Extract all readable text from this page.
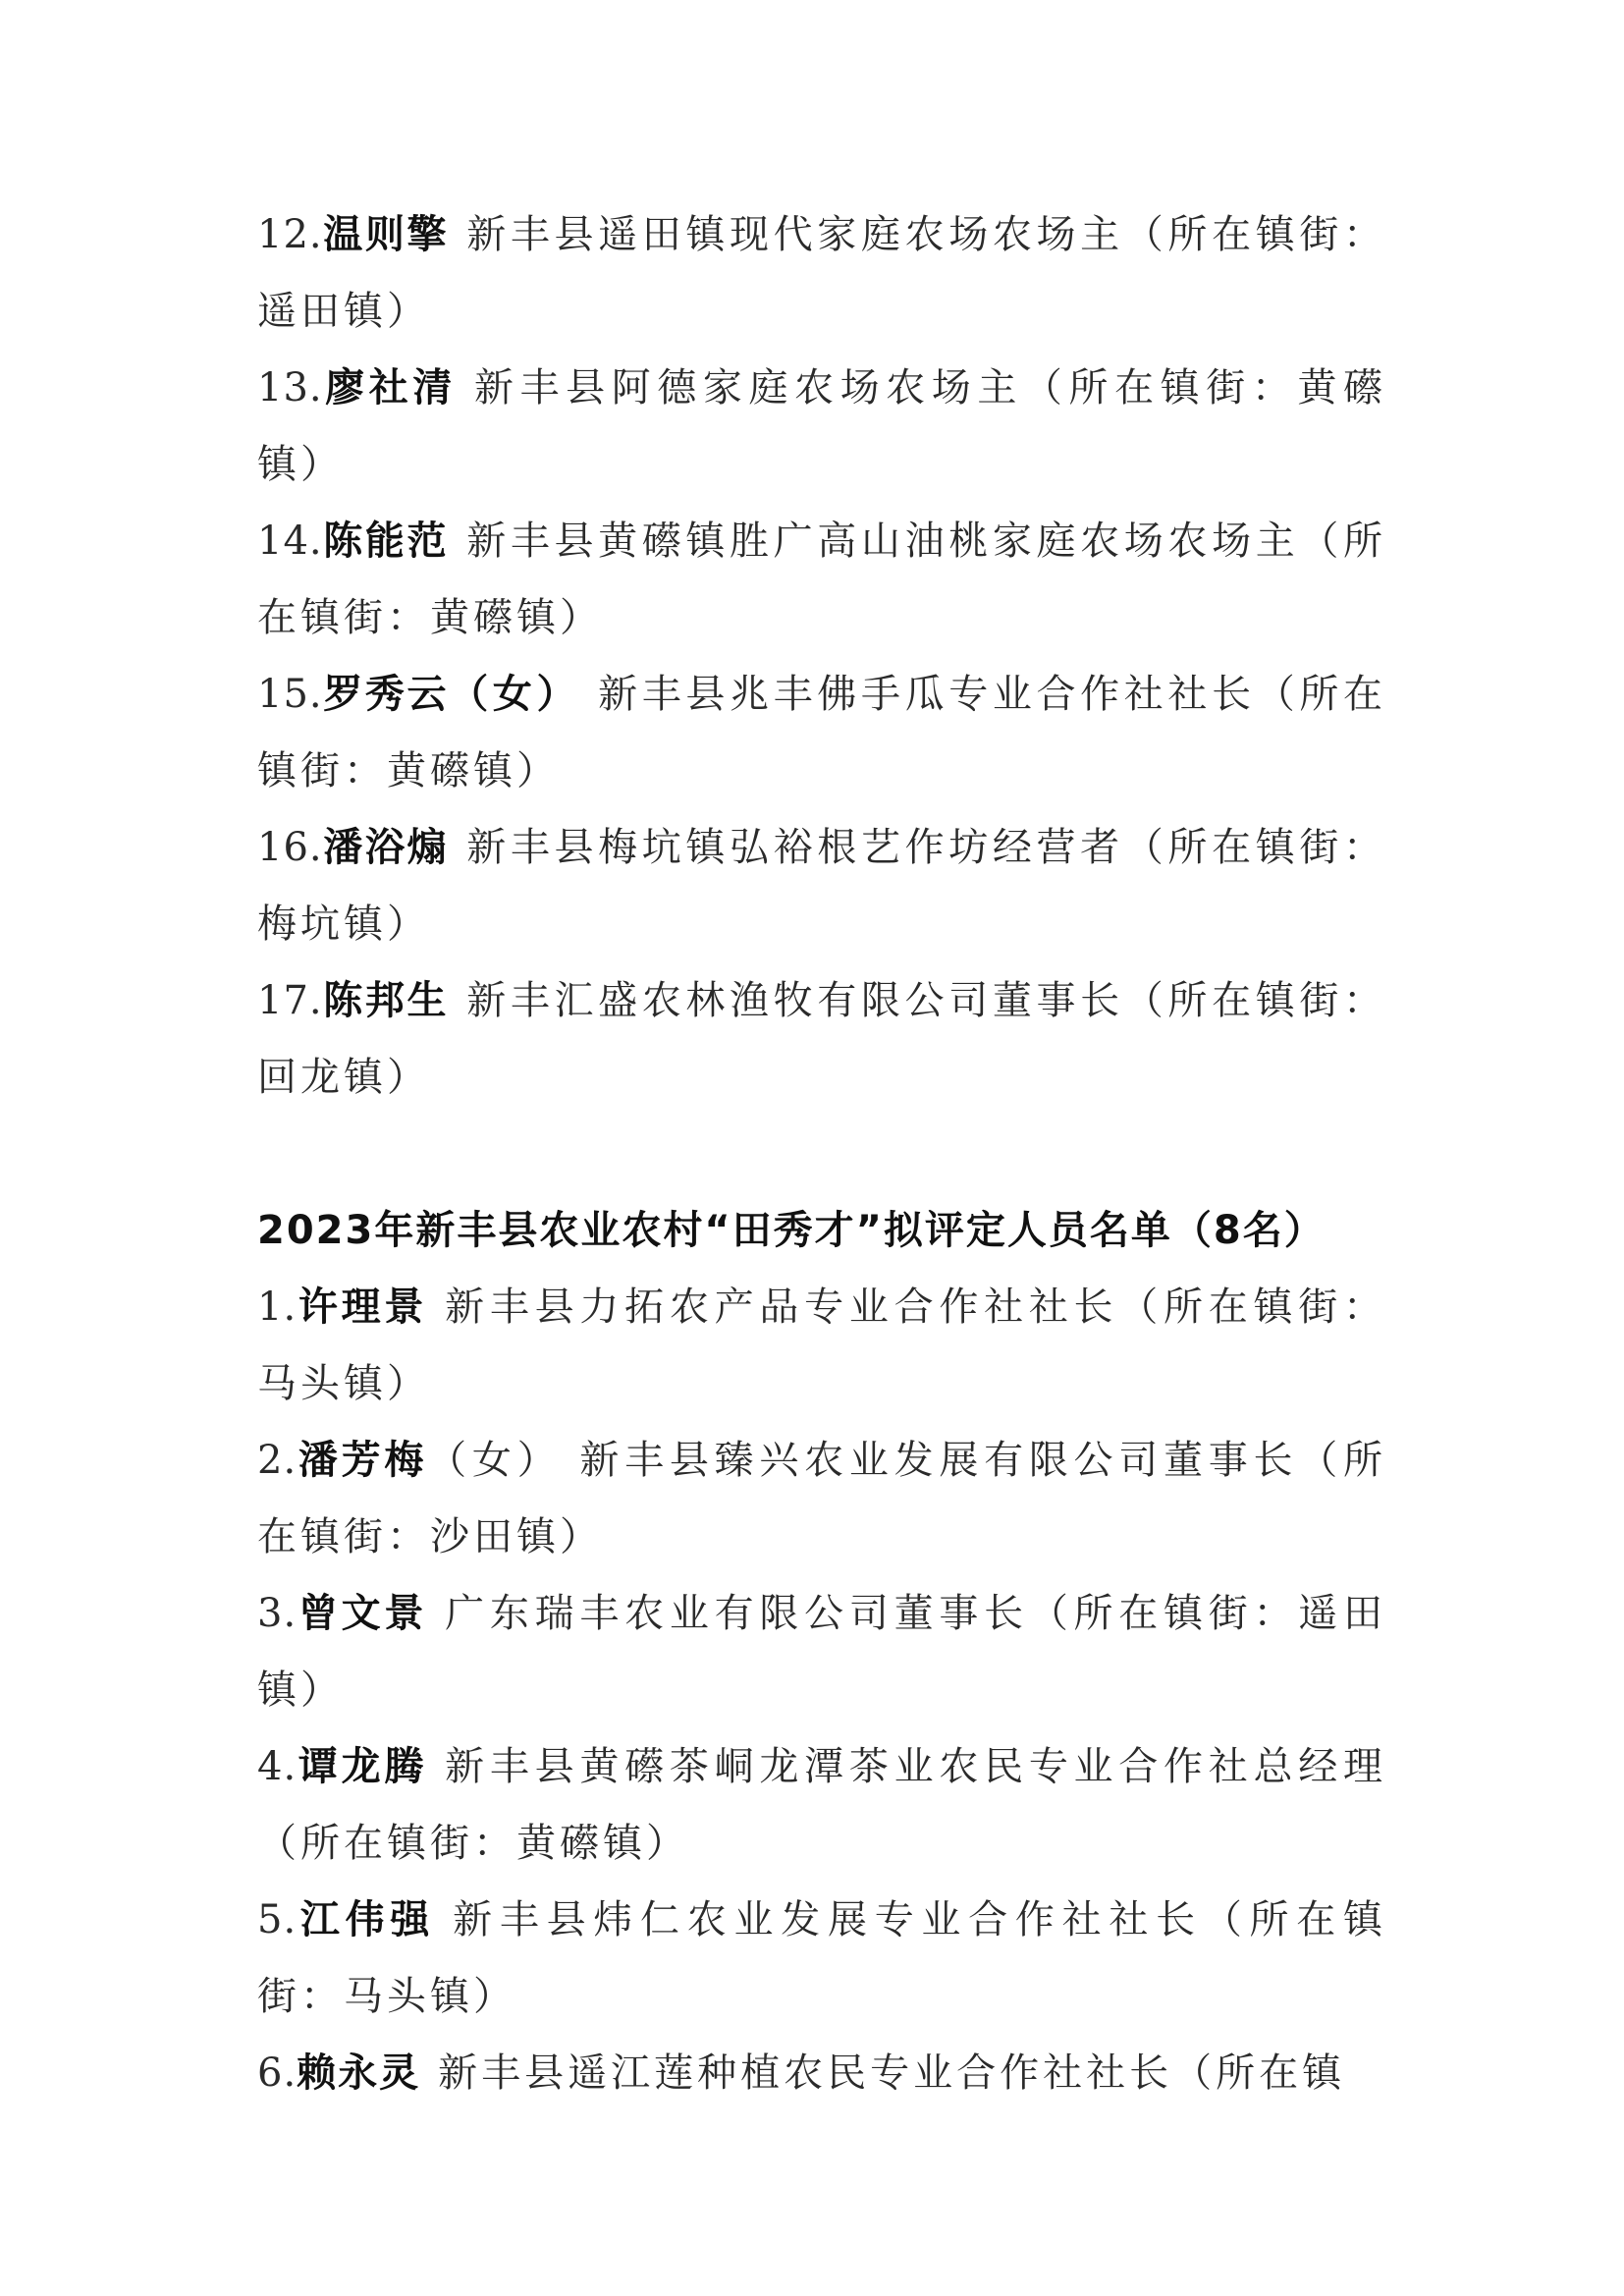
12.温则擎 新丰县遥田镇现代家庭农场农场主（所在镇街：遥田镇）

13.廖社清 新丰县阿德家庭农场农场主（所在镇街：黄礤镇）

14.陈能范 新丰县黄礤镇胜广高山油桃家庭农场农场主（所在镇街：黄礤镇）

15.罗秀云（女） 新丰县兆丰佛手瓜专业合作社社长（所在镇街：黄礤镇）

16.潘浴煽 新丰县梅坑镇弘裕根艺作坊经营者（所在镇街：梅坑镇）

17.陈邦生 新丰汇盛农林渔牧有限公司董事长（所在镇街：回龙镇）

2023年新丰县农业农村“田秀才”拟评定人员名单（8名）

1.许理景 新丰县力拓农产品专业合作社社长（所在镇街：马头镇）

2.潘芳梅（女） 新丰县臻兴农业发展有限公司董事长（所在镇街：沙田镇）

3.曾文景 广东瑞丰农业有限公司董事长（所在镇街：遥田镇）

4.谭龙腾 新丰县黄礤茶峒龙潭茶业农民专业合作社总经理（所在镇街：黄礤镇）

5.江伟强 新丰县炜仁农业发展专业合作社社长（所在镇街：马头镇）

6.赖永灵 新丰县遥江莲种植农民专业合作社社长（所在镇
